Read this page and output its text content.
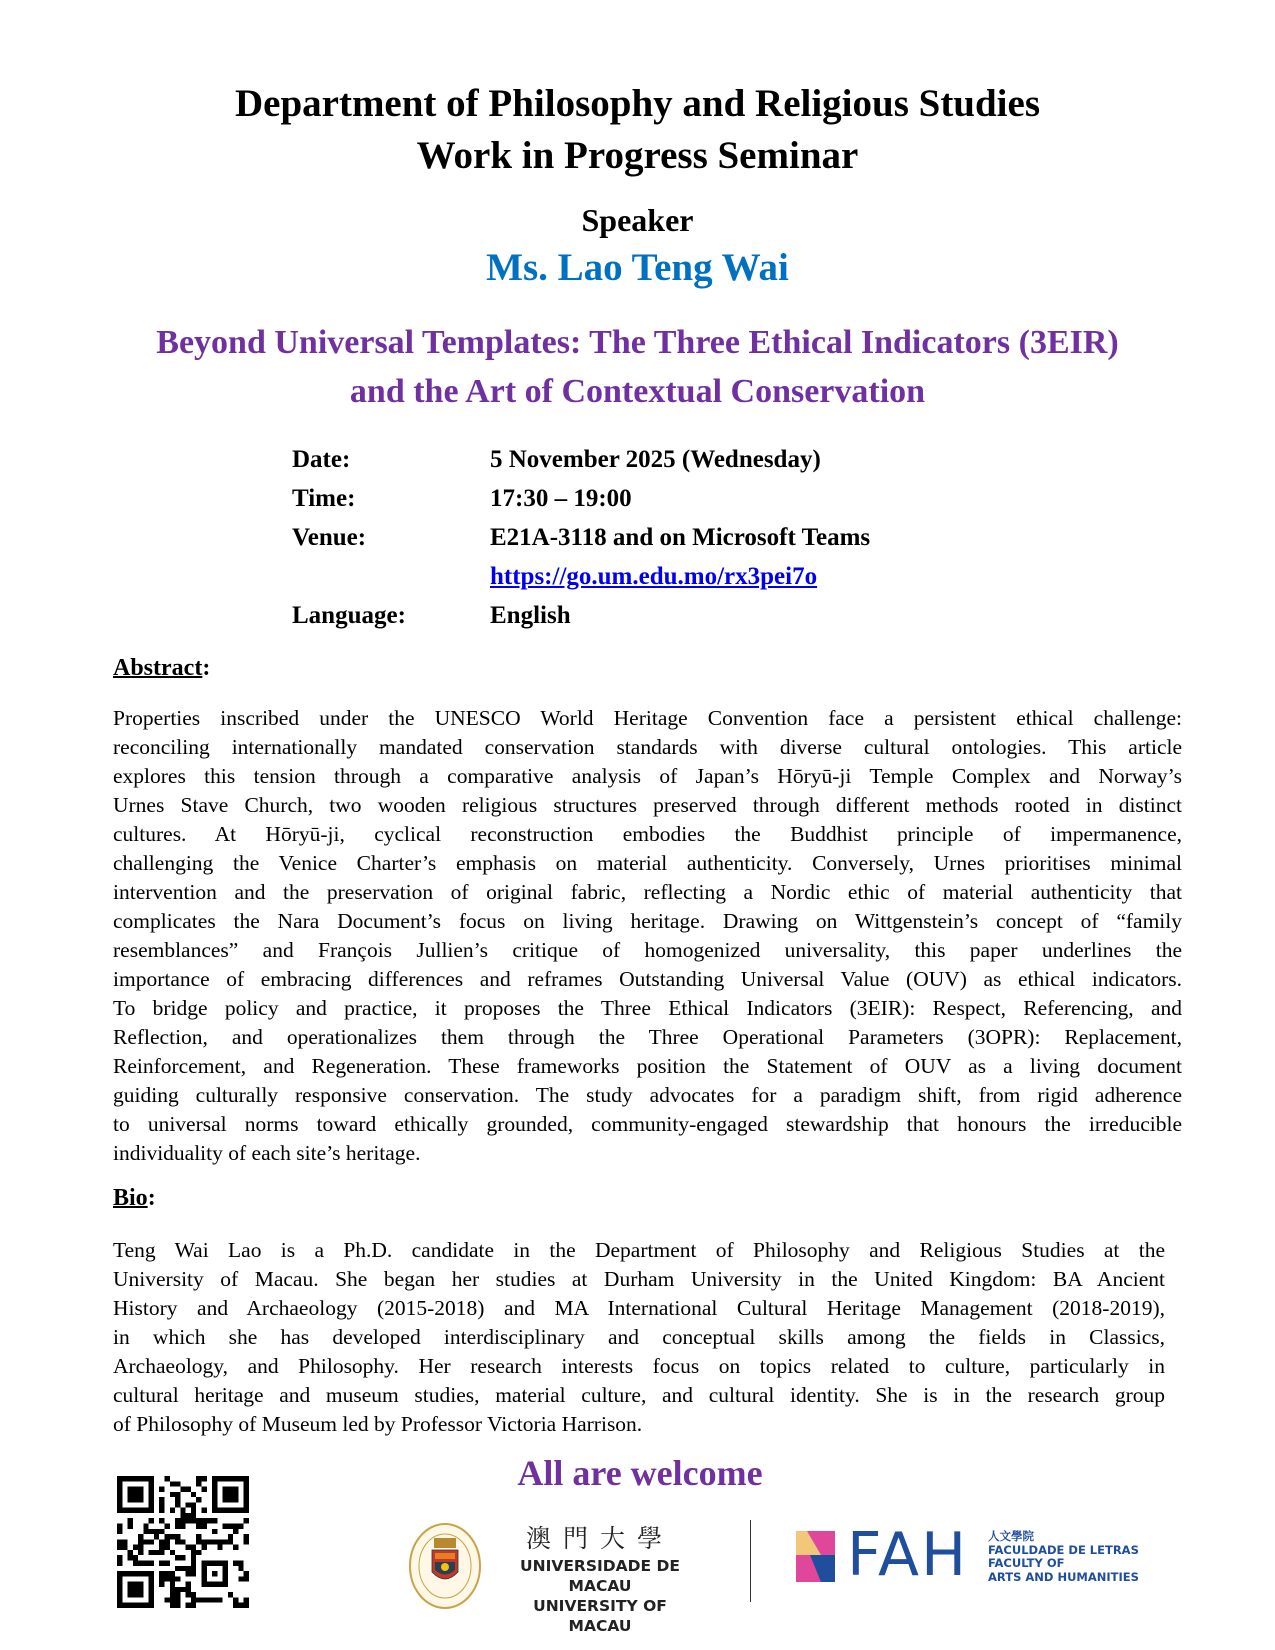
Department of Philosophy and Religious Studies
Work in Progress Seminar
Speaker
Ms. Lao Teng Wai
Beyond Universal Templates: The Three Ethical Indicators (3EIR)
and the Art of Contextual Conservation
Date:	5 November 2025 (Wednesday)
Time:	17:30 – 19:00
Venue:	E21A-3118 and on Microsoft Teams
https://go.um.edu.mo/rx3pei7o
Language:	English
Abstract:
Properties inscribed under the UNESCO World Heritage Convention face a persistent ethical challenge:
reconciling internationally mandated conservation standards with diverse cultural ontologies. This article
explores this tension through a comparative analysis of Japan’s Hōryū-ji Temple Complex and Norway’s
Urnes Stave Church, two wooden religious structures preserved through different methods rooted in distinct
cultures. At Hōryū-ji, cyclical reconstruction embodies the Buddhist principle of impermanence,
challenging the Venice Charter’s emphasis on material authenticity. Conversely, Urnes prioritises minimal
intervention and the preservation of original fabric, reflecting a Nordic ethic of material authenticity that
complicates the Nara Document’s focus on living heritage. Drawing on Wittgenstein’s concept of “family
resemblances” and François Jullien’s critique of homogenized universality, this paper underlines the
importance of embracing differences and reframes Outstanding Universal Value (OUV) as ethical indicators.
To bridge policy and practice, it proposes the Three Ethical Indicators (3EIR): Respect, Referencing, and
Reflection, and operationalizes them through the Three Operational Parameters (3OPR): Replacement,
Reinforcement, and Regeneration. These frameworks position the Statement of OUV as a living document
guiding culturally responsive conservation. The study advocates for a paradigm shift, from rigid adherence
to universal norms toward ethically grounded, community-engaged stewardship that honours the irreducible
individuality of each site’s heritage.
Bio:
Teng Wai Lao is a Ph.D. candidate in the Department of Philosophy and Religious Studies at the
University of Macau. She began her studies at Durham University in the United Kingdom: BA Ancient
History and Archaeology (2015-2018) and MA International Cultural Heritage Management (2018-2019),
in which she has developed interdisciplinary and conceptual skills among the fields in Classics,
Archaeology, and Philosophy. Her research interests focus on topics related to culture, particularly in
cultural heritage and museum studies, material culture, and cultural identity. She is in the research group
of Philosophy of Museum led by Professor Victoria Harrison.
All are welcome
澳門大學
UNIVERSIDADE DE MACAU
UNIVERSITY OF MACAU
FAH 人文學院
FACULDADE DE LETRAS
FACULTY OF
ARTS AND HUMANITIES
